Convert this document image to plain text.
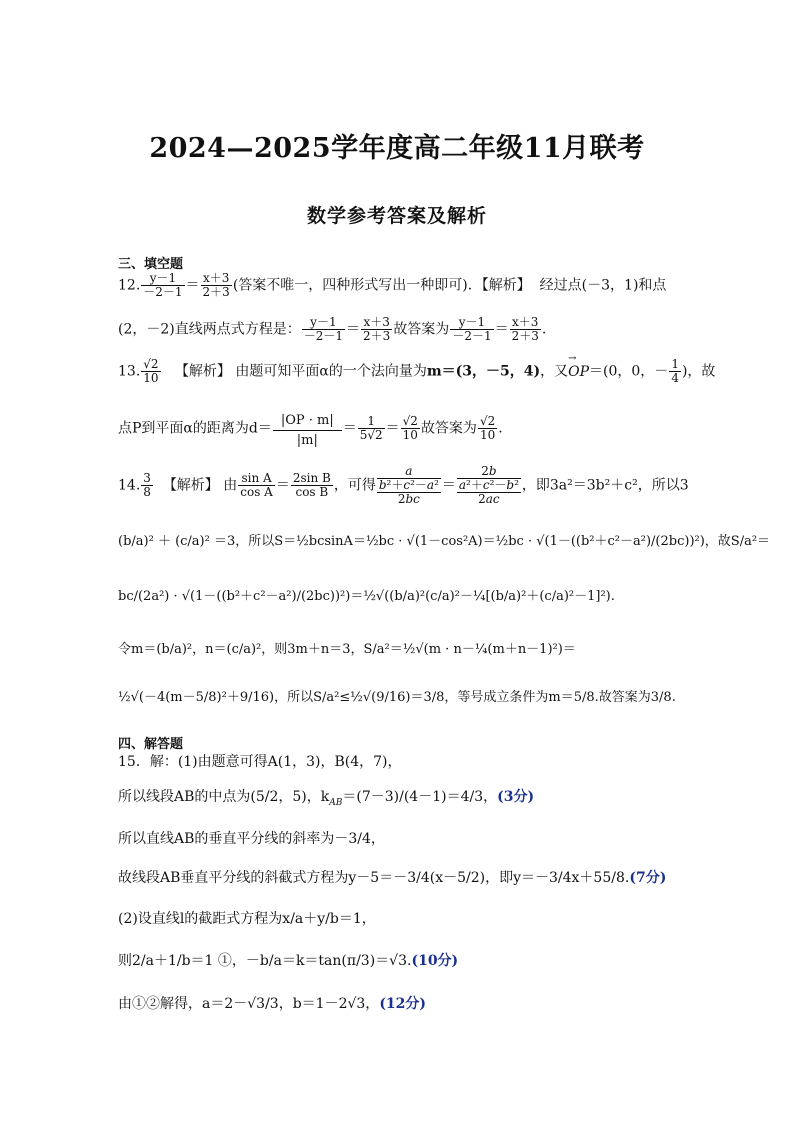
2024—2025学年度高二年级11月联考
数学参考答案及解析
三、填空题
12. $\frac{y-1}{-2-1} = \frac{x+3}{2+3}$ (答案不唯一，四种形式写出一种即可)．【解析】 经过点(－3，1)和点
(2，－2)直线两点式方程是： $\frac{y-1}{-2-1} = \frac{x+3}{2+3}$ 故答案为 $\frac{y-1}{-2-1} = \frac{x+3}{2+3}$ .
13. $\frac{√2}{10}$ 【解析】 由题可知平面α的一个法向量为m＝(3，－5，4)，又→ OP＝(0，0，－ $\frac{1}{4}$ )，故
点P到平面α的距离为$d= \frac{|OP \cdot m|}{|m|} = \frac{1}{5√2} = \frac{√2}{10}$ 故答案为 $\frac{√2}{10}$ .
14. $\frac{3}{8}$ 【解析】 由 $\frac{\text{sin A}}{\text{cos A}} = \frac{\text{2sin B}}{\text{cos B}}$ ，可得
a
b²＋c²－a²
2bc
＝
2b
a²＋c²－b²
2ac
，即3a²＝3b²＋c²，所以3
(b/a)² ＋ (c/a)² ＝3，所以S＝½bcsinA＝½bc · √(1－cos²A)＝½bc · √(1－((b²＋c²－a²)/(2bc))²)，故S/a²＝
bc/(2a²) · √(1－((b²＋c²－a²)/(2bc))²)＝½√((b/a)²(c/a)²－¼[(b/a)²＋(c/a)²－1]²).
令m＝(b/a)²，n＝(c/a)²，则3m＋n＝3，S/a²＝½√(m · n－¼(m＋n－1)²)＝
½√(－4(m－5/8)²＋9/16)，所以S/a²≤½√(9/16)＝3/8，等号成立条件为m＝5/8.故答案为3/8.
四、解答题
15．解：(1)由题意可得A(1，3)，B(4，7)，
所以线段AB的中点为(5/2，5)，$k_{AB}=(7-3)/(4-1)=4/3$，(3分)
所以直线AB的垂直平分线的斜率为－3/4，
故线段AB垂直平分线的斜截式方程为y－5＝－3/4(x－5/2)，即y＝－3/4x＋55/8.(7分)
(2)设直线l的截距式方程为x/a＋y/b＝1，
则2/a＋1/b＝1 ①，－b/a＝k＝tan(π/3)＝√3.(10分)
由①②解得，a＝2－√3/3，b＝1－2√3，(12分)
